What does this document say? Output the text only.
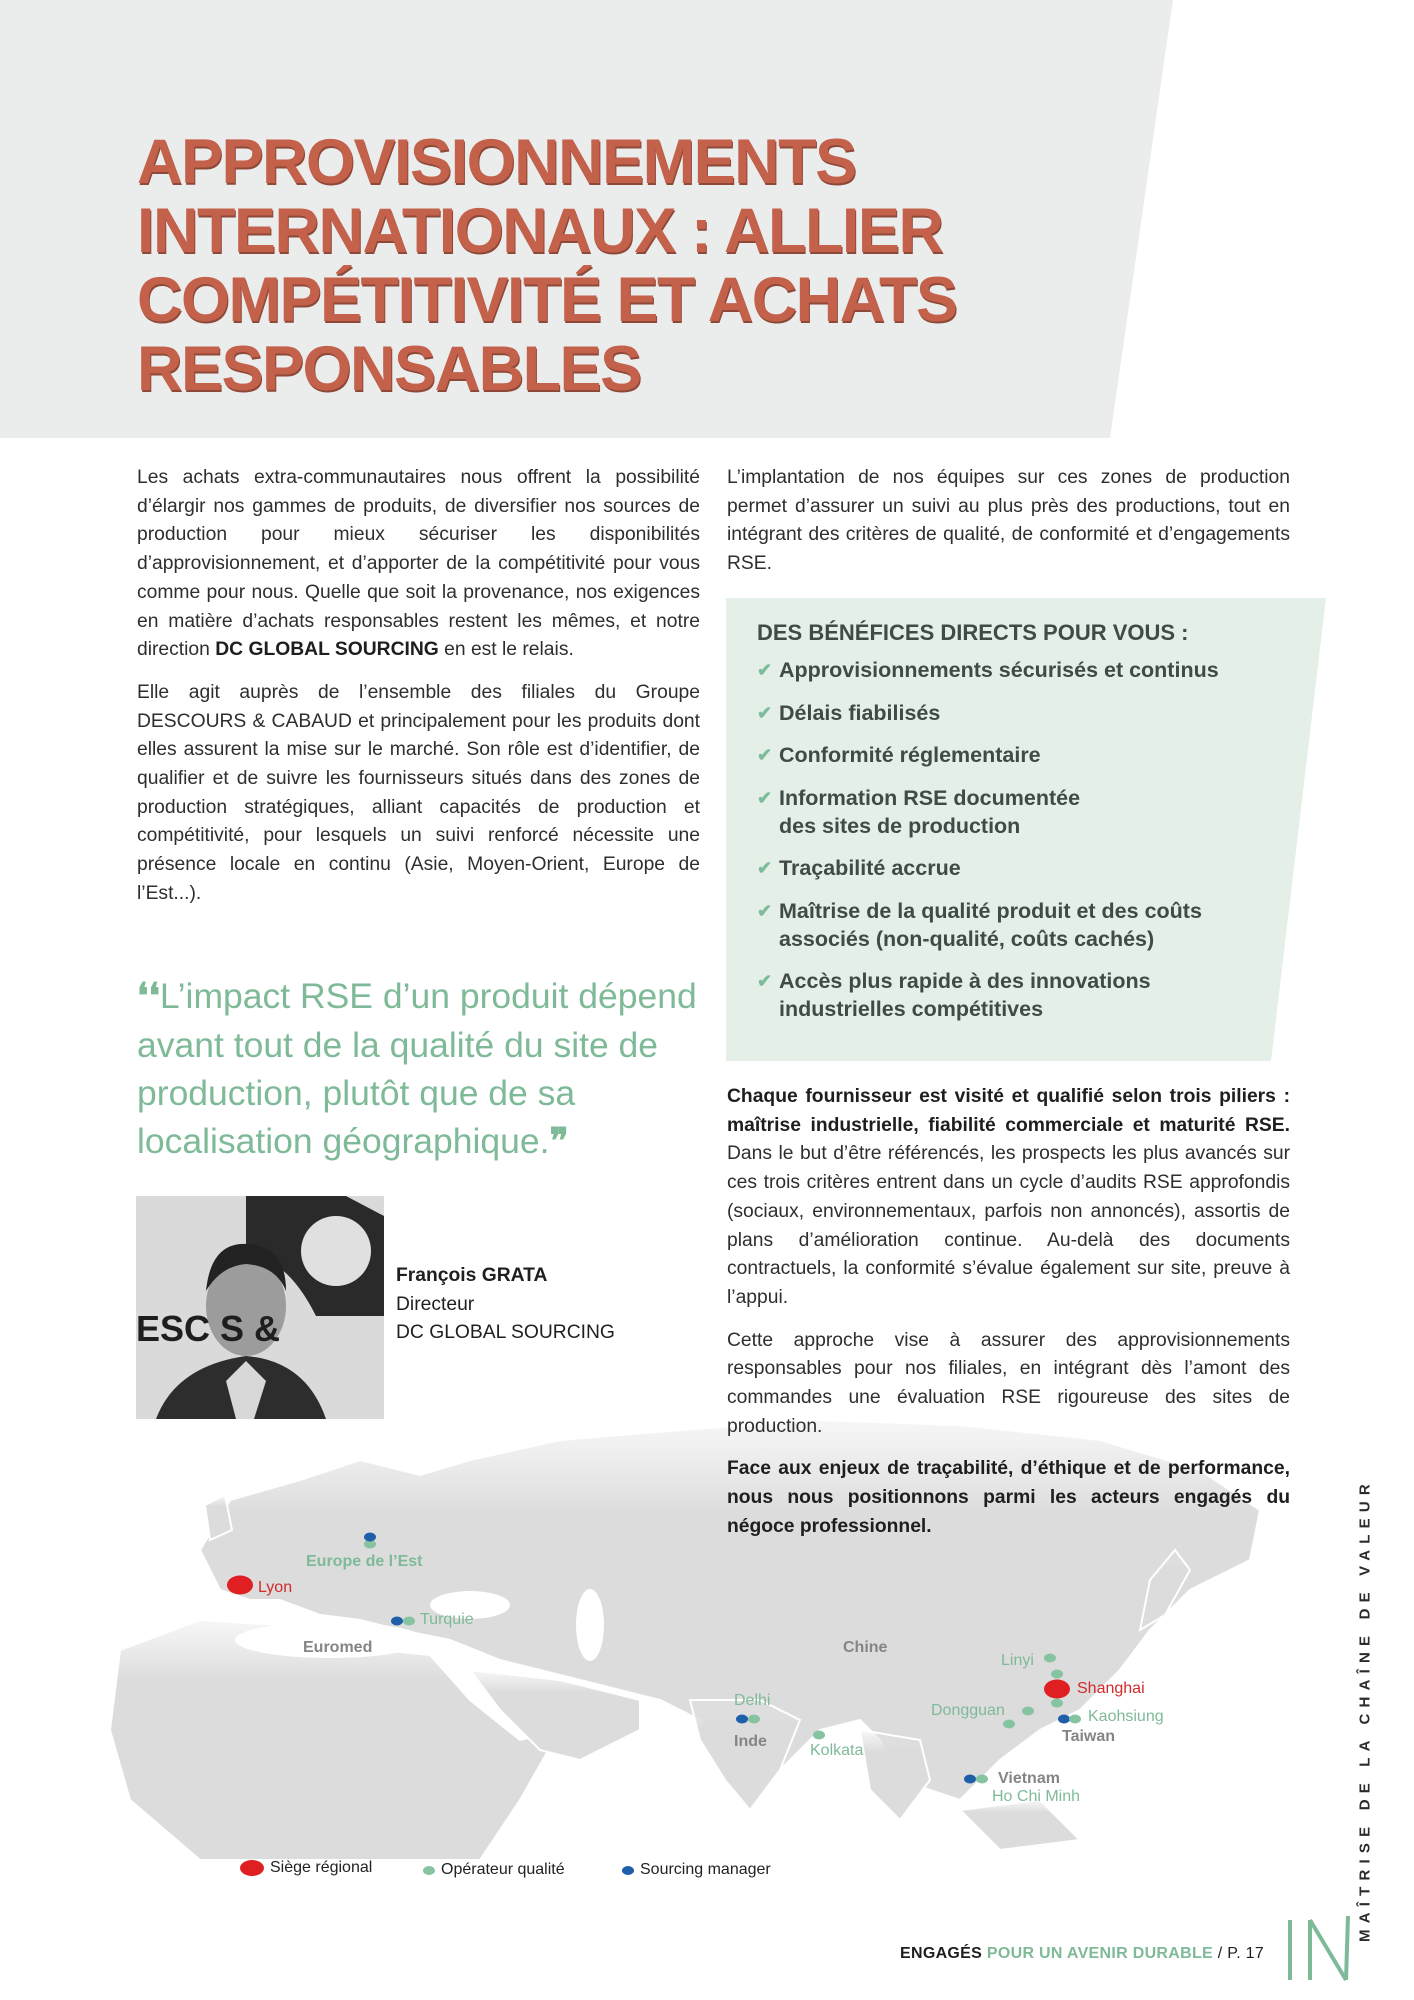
APPROVISIONNEMENTS
INTERNATIONAUX : ALLIER
COMPÉTITIVITÉ ET ACHATS
RESPONSABLES

Les achats extra-communautaires nous offrent la possibilité d’élargir nos gammes de produits, de diversifier nos sources de production pour mieux sécuriser les disponibilités d’approvisionnement, et d’apporter de la compétitivité pour vous comme pour nous. Quelle que soit la provenance, nos exigences en matière d’achats responsables restent les mêmes, et notre direction DC GLOBAL SOURCING en est le relais.

Elle agit auprès de l’ensemble des filiales du Groupe DESCOURS & CABAUD et principalement pour les produits dont elles assurent la mise sur le marché. Son rôle est d’identifier, de qualifier et de suivre les fournisseurs situés dans des zones de production stratégiques, alliant capacités de production et compétitivité, pour lesquels un suivi renforcé nécessite une présence locale en continu (Asie, Moyen-Orient, Europe de l’Est...).

❛❛L’impact RSE d’un produit dépend avant tout de la qualité du site de production, plutôt que de sa localisation géographique.❞
ESC S &
François GRATA
Directeur
DC GLOBAL SOURCING

L’implantation de nos équipes sur ces zones de production permet d’assurer un suivi au plus près des productions, tout en intégrant des critères de qualité, de conformité et d’engagements RSE.

DES BÉNÉFICES DIRECTS POUR VOUS :
✔ Approvisionnements sécurisés et continus
✔ Délais fiabilisés
✔ Conformité réglementaire
✔ Information RSE documentée des sites de production
✔ Traçabilité accrue
✔ Maîtrise de la qualité produit et des coûts associés (non-qualité, coûts cachés)
✔ Accès plus rapide à des innovations industrielles compétitives

Chaque fournisseur est visité et qualifié selon trois piliers : maîtrise industrielle, fiabilité commerciale et maturité RSE. Dans le but d’être référencés, les prospects les plus avancés sur ces trois critères entrent dans un cycle d’audits RSE approfondis (sociaux, environnementaux, parfois non annoncés), assortis de plans d’amélioration continue. Au-delà des documents contractuels, la conformité s’évalue également sur site, preuve à l’appui.

Cette approche vise à assurer des approvisionnements responsables pour nos filiales, en intégrant dès l’amont des commandes une évaluation RSE rigoureuse des sites de production.

Face aux enjeux de traçabilité, d’éthique et de performance, nous nous positionnons parmi les acteurs engagés du négoce professionnel.

Lyon
Europe de l’Est
Turquie
Euromed	Chine
Linyi
Shanghai
Dongguan	Kaohsiung
Taiwan
Delhi
Inde
Kolkata
Vietnam
Ho Chi Minh
Siège régional	Opérateur qualité	Sourcing manager
ENGAGÉS POUR UN AVENIR DURABLE / P. 17
MAÎTRISE DE LA CHAÎNE DE VALEUR
